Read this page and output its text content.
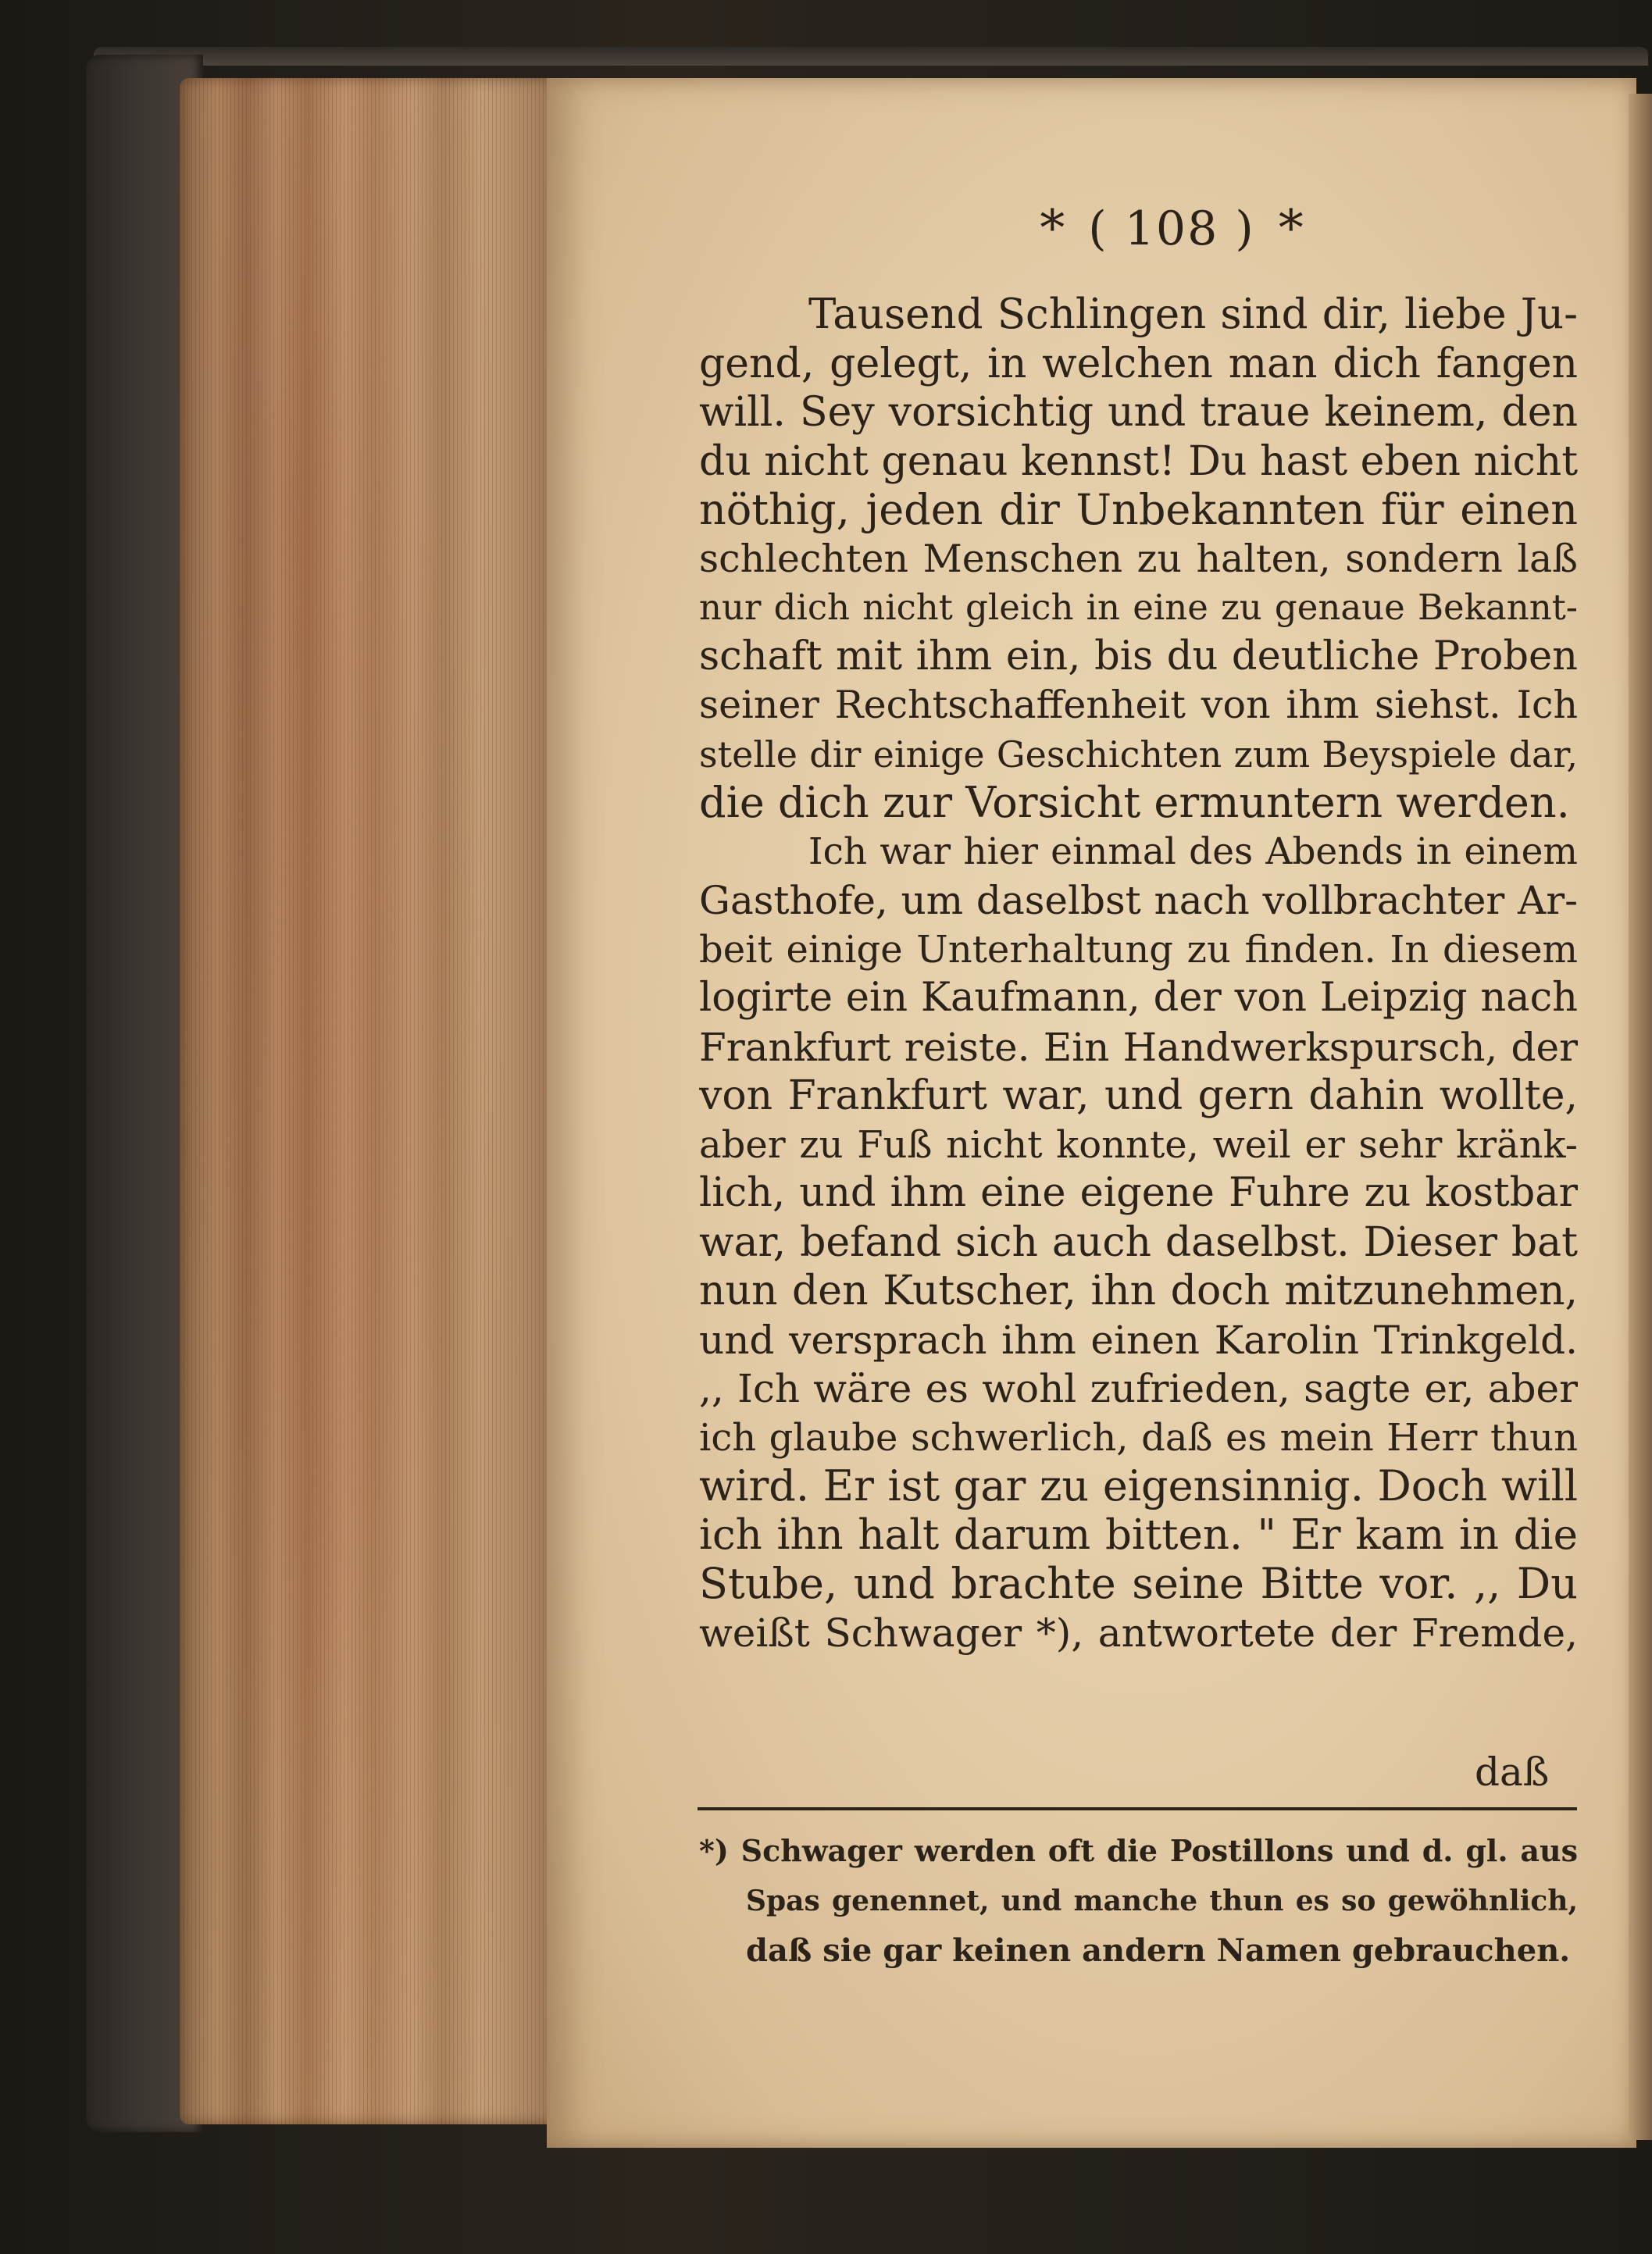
* ( 108 ) *
Tausend Schlingen sind dir, liebe Ju-
gend, gelegt, in welchen man dich fangen
will. Sey vorsichtig und traue keinem, den
du nicht genau kennst! Du hast eben nicht
nöthig, jeden dir Unbekannten für einen
schlechten Menschen zu halten, sondern laß
nur dich nicht gleich in eine zu genaue Bekannt-
schaft mit ihm ein, bis du deutliche Proben
seiner Rechtschaffenheit von ihm siehst. Ich
stelle dir einige Geschichten zum Beyspiele dar,
die dich zur Vorsicht ermuntern werden.
Ich war hier einmal des Abends in einem
Gasthofe, um daselbst nach vollbrachter Ar-
beit einige Unterhaltung zu finden. In diesem
logirte ein Kaufmann, der von Leipzig nach
Frankfurt reiste. Ein Handwerkspursch, der
von Frankfurt war, und gern dahin wollte,
aber zu Fuß nicht konnte, weil er sehr kränk-
lich, und ihm eine eigene Fuhre zu kostbar
war, befand sich auch daselbst. Dieser bat
nun den Kutscher, ihn doch mitzunehmen,
und versprach ihm einen Karolin Trinkgeld.
,, Ich wäre es wohl zufrieden, sagte er, aber
ich glaube schwerlich, daß es mein Herr thun
wird. Er ist gar zu eigensinnig. Doch will
ich ihn halt darum bitten. " Er kam in die
Stube, und brachte seine Bitte vor. ,, Du
weißt Schwager *), antwortete der Fremde,
daß
*) Schwager werden oft die Postillons und d. gl. aus
Spas genennet, und manche thun es so gewöhnlich,
daß sie gar keinen andern Namen gebrauchen.
